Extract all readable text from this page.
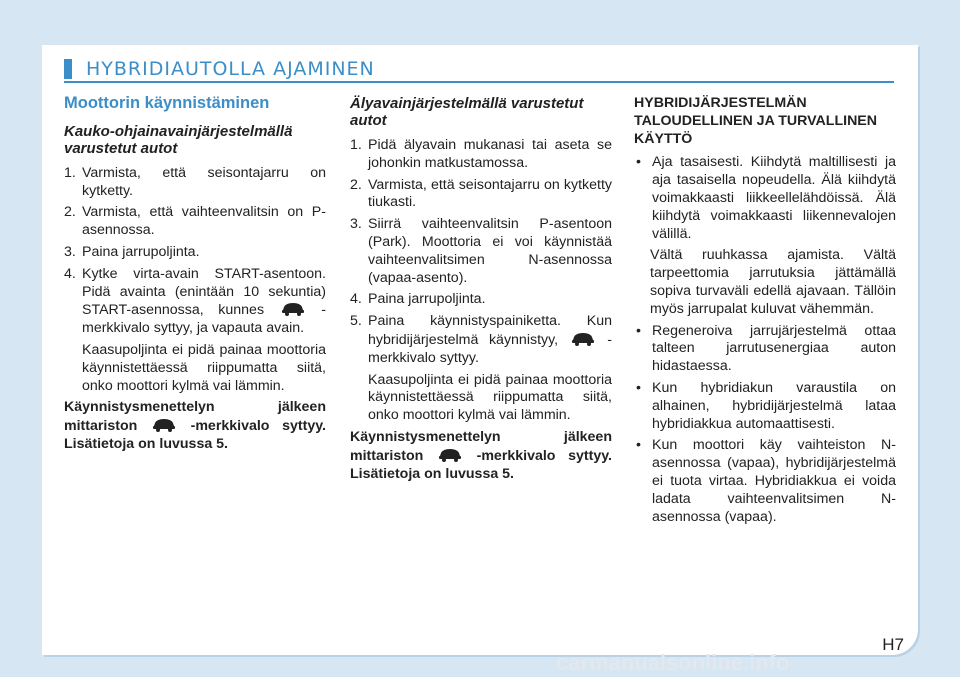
HYBRIDIAUTOLLA AJAMINEN
Moottorin käynnistäminen
Kauko-ohjainavainjärjestelmällä varustetut autot
1. Varmista, että seisontajarru on kytketty.
2. Varmista, että vaihteenvalitsin on P-asennossa.
3. Paina jarrupoljinta.
4. Kytke virta-avain START-asentoon. Pidä avainta (enintään 10 sekuntia) START-asennossa, kunnes	-merkkivalo syttyy, ja vapauta avain.
Kaasupoljinta ei pidä painaa moottoria käynnistettäessä riippumatta siitä, onko moottori kylmä vai lämmin.
Käynnistysmenettelyn jälkeen mittariston	-merkkivalo syttyy. Lisätietoja on luvussa 5.
Älyavainjärjestelmällä varustetut autot
1. Pidä älyavain mukanasi tai aseta se johonkin matkustamossa.
2. Varmista, että seisontajarru on kytketty tiukasti.
3. Siirrä vaihteenvalitsin P-asentoon (Park). Moottoria ei voi käynnistää vaihteenvalitsimen N-asennossa (vapaa-asento).
4. Paina jarrupoljinta.
5. Paina käynnistyspainiketta. Kun hybridijärjestelmä käynnistyy,	-merkkivalo syttyy.
Kaasupoljinta ei pidä painaa moottoria käynnistettäessä riippumatta siitä, onko moottori kylmä vai lämmin.
Käynnistysmenettelyn jälkeen mittariston	-merkkivalo syttyy. Lisätietoja on luvussa 5.
HYBRIDIJÄRJESTELMÄN TALOUDELLINEN JA TURVALLINEN KÄYTTÖ
• Aja tasaisesti. Kiihdytä maltillisesti ja aja tasaisella nopeudella. Älä kiihdytä voimakkaasti liikkeellelähdöissä. Älä kiihdytä voimakkaasti liikennevalojen välillä.
Vältä ruuhkassa ajamista. Vältä tarpeettomia jarrutuksia jättämällä sopiva turvaväli edellä ajavaan. Tällöin myös jarrupalat kuluvat vähemmän.
• Regeneroiva jarrujärjestelmä ottaa talteen jarrutusenergiaa auton hidastaessa.
• Kun hybridiakun varaustila on alhainen, hybridijärjestelmä lataa hybridiakkua automaattisesti.
• Kun moottori käy vaihteiston N-asennossa (vapaa), hybridijärjestelmä ei tuota virtaa. Hybridiakkua ei voida ladata vaihteenvalitsimen N-asennossa (vapaa).
H7
carmanualsonline.info
